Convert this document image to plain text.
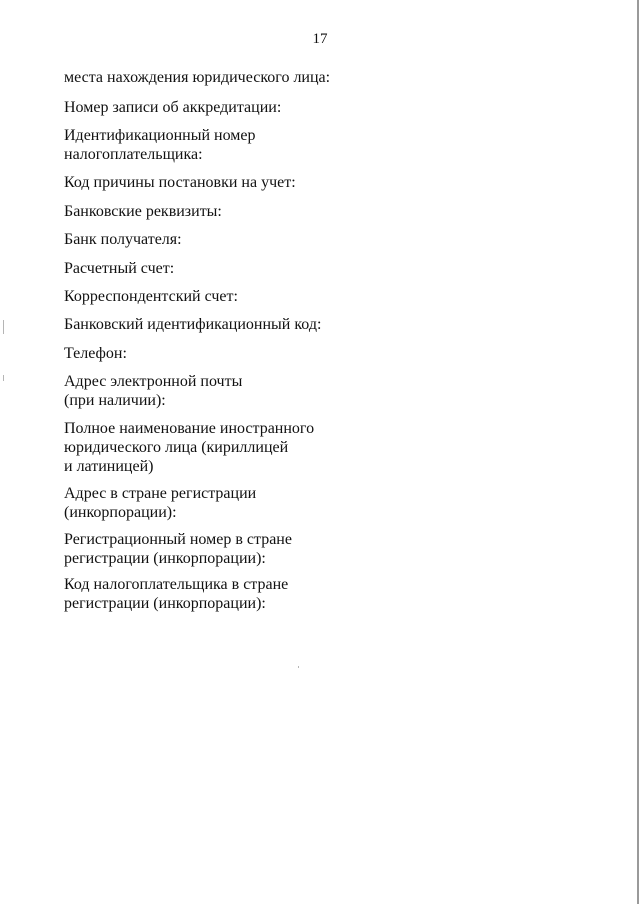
17
места нахождения юридического лица:
Номер записи об аккредитации:
Идентификационный номер
налогоплательщика:
Код причины постановки на учет:
Банковские реквизиты:
Банк получателя:
Расчетный счет:
Корреспондентский счет:
Банковский идентификационный код:
Телефон:
Адрес электронной почты
(при наличии):
Полное наименование иностранного
юридического лица (кириллицей
и латиницей)
Адрес в стране регистрации
(инкорпорации):
Регистрационный номер в стране
регистрации (инкорпорации):
Код налогоплательщика в стране
регистрации (инкорпорации):
